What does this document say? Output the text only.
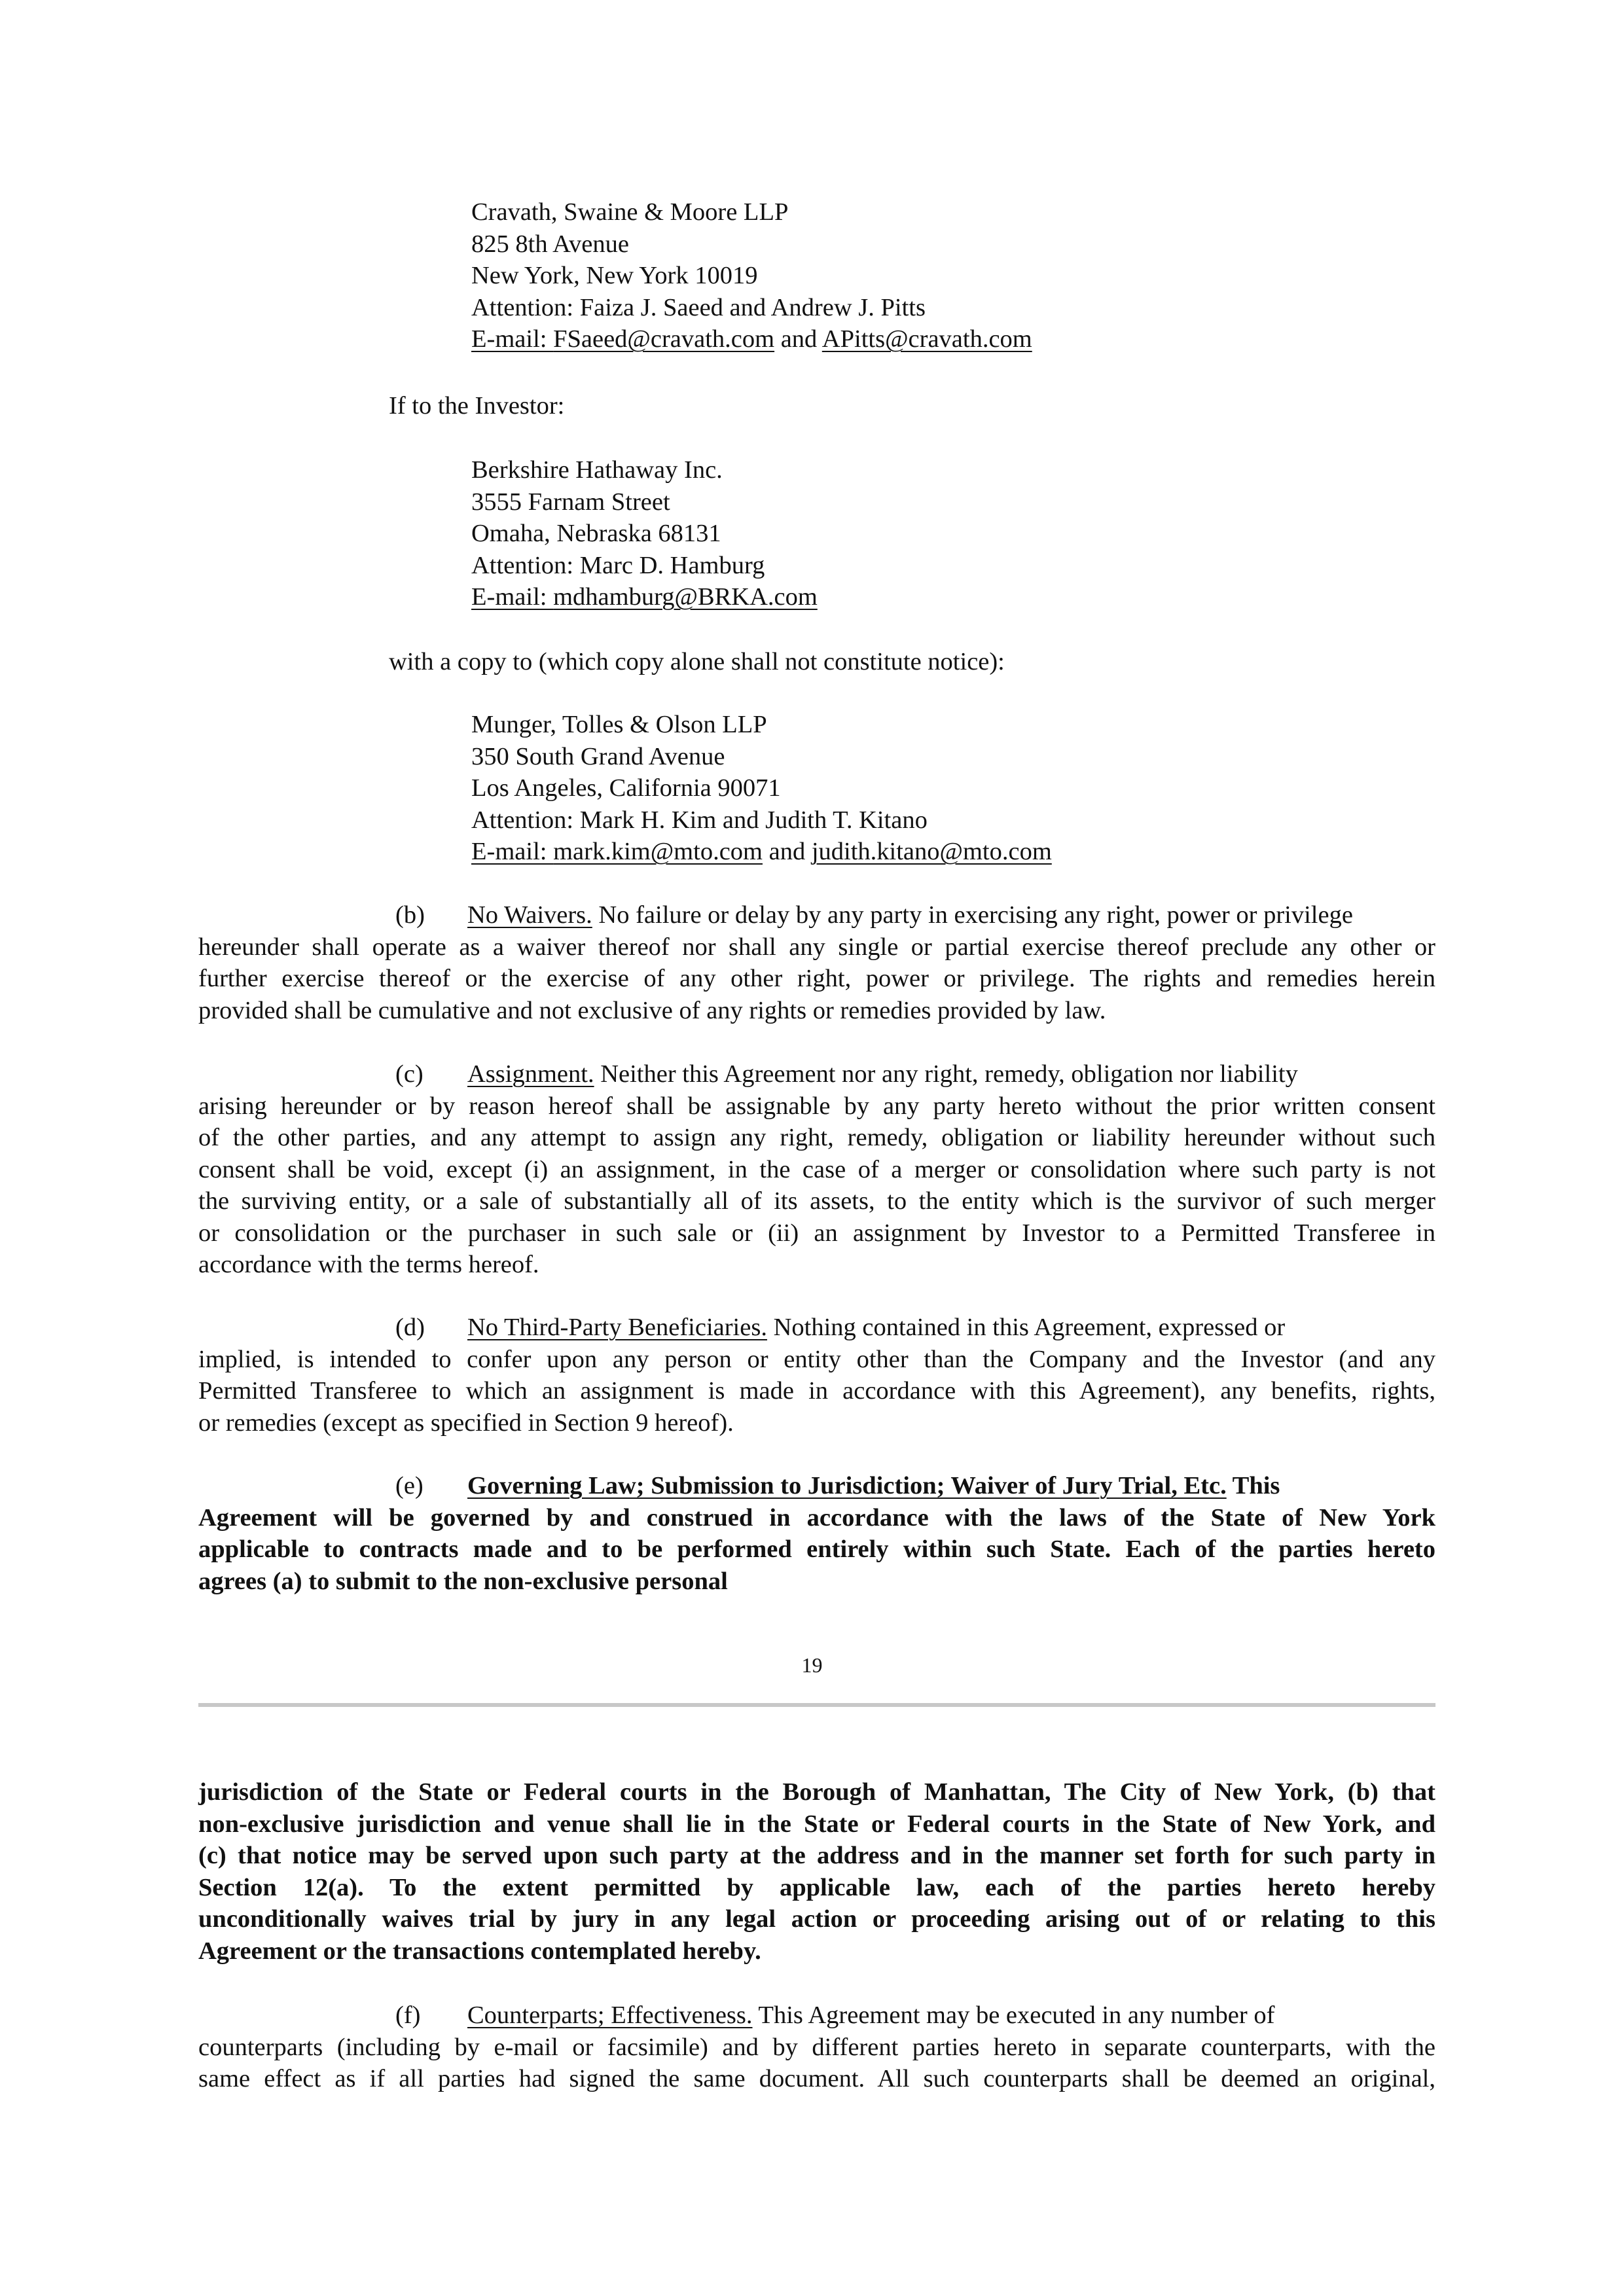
Cravath, Swaine & Moore LLP
825 8th Avenue
New York, New York 10019
Attention: Faiza J. Saeed and Andrew J. Pitts
E-mail: FSaeed@cravath.com and APitts@cravath.com
If to the Investor:
Berkshire Hathaway Inc.
3555 Farnam Street
Omaha, Nebraska 68131
Attention: Marc D. Hamburg
E-mail: mdhamburg@BRKA.com
with a copy to (which copy alone shall not constitute notice):
Munger, Tolles & Olson LLP
350 South Grand Avenue
Los Angeles, California 90071
Attention: Mark H. Kim and Judith T. Kitano
E-mail: mark.kim@mto.com and judith.kitano@mto.com
(b) No Waivers. No failure or delay by any party in exercising any right, power or privilege
hereunder shall operate as a waiver thereof nor shall any single or partial exercise thereof preclude any other or
further exercise thereof or the exercise of any other right, power or privilege. The rights and remedies herein
provided shall be cumulative and not exclusive of any rights or remedies provided by law.
(c) Assignment. Neither this Agreement nor any right, remedy, obligation nor liability
arising hereunder or by reason hereof shall be assignable by any party hereto without the prior written consent
of the other parties, and any attempt to assign any right, remedy, obligation or liability hereunder without such
consent shall be void, except (i) an assignment, in the case of a merger or consolidation where such party is not
the surviving entity, or a sale of substantially all of its assets, to the entity which is the survivor of such merger
or consolidation or the purchaser in such sale or (ii) an assignment by Investor to a Permitted Transferee in
accordance with the terms hereof.
(d) No Third-Party Beneficiaries. Nothing contained in this Agreement, expressed or
implied, is intended to confer upon any person or entity other than the Company and the Investor (and any
Permitted Transferee to which an assignment is made in accordance with this Agreement), any benefits, rights,
or remedies (except as specified in Section 9 hereof).
(e) Governing Law; Submission to Jurisdiction; Waiver of Jury Trial, Etc. This
Agreement will be governed by and construed in accordance with the laws of the State of New York
applicable to contracts made and to be performed entirely within such State. Each of the parties hereto
agrees (a) to submit to the non-exclusive personal
19
jurisdiction of the State or Federal courts in the Borough of Manhattan, The City of New York, (b) that
non-exclusive jurisdiction and venue shall lie in the State or Federal courts in the State of New York, and
(c) that notice may be served upon such party at the address and in the manner set forth for such party in
Section 12(a). To the extent permitted by applicable law, each of the parties hereto hereby
unconditionally waives trial by jury in any legal action or proceeding arising out of or relating to this
Agreement or the transactions contemplated hereby.
(f) Counterparts; Effectiveness. This Agreement may be executed in any number of
counterparts (including by e-mail or facsimile) and by different parties hereto in separate counterparts, with the
same effect as if all parties had signed the same document. All such counterparts shall be deemed an original,
